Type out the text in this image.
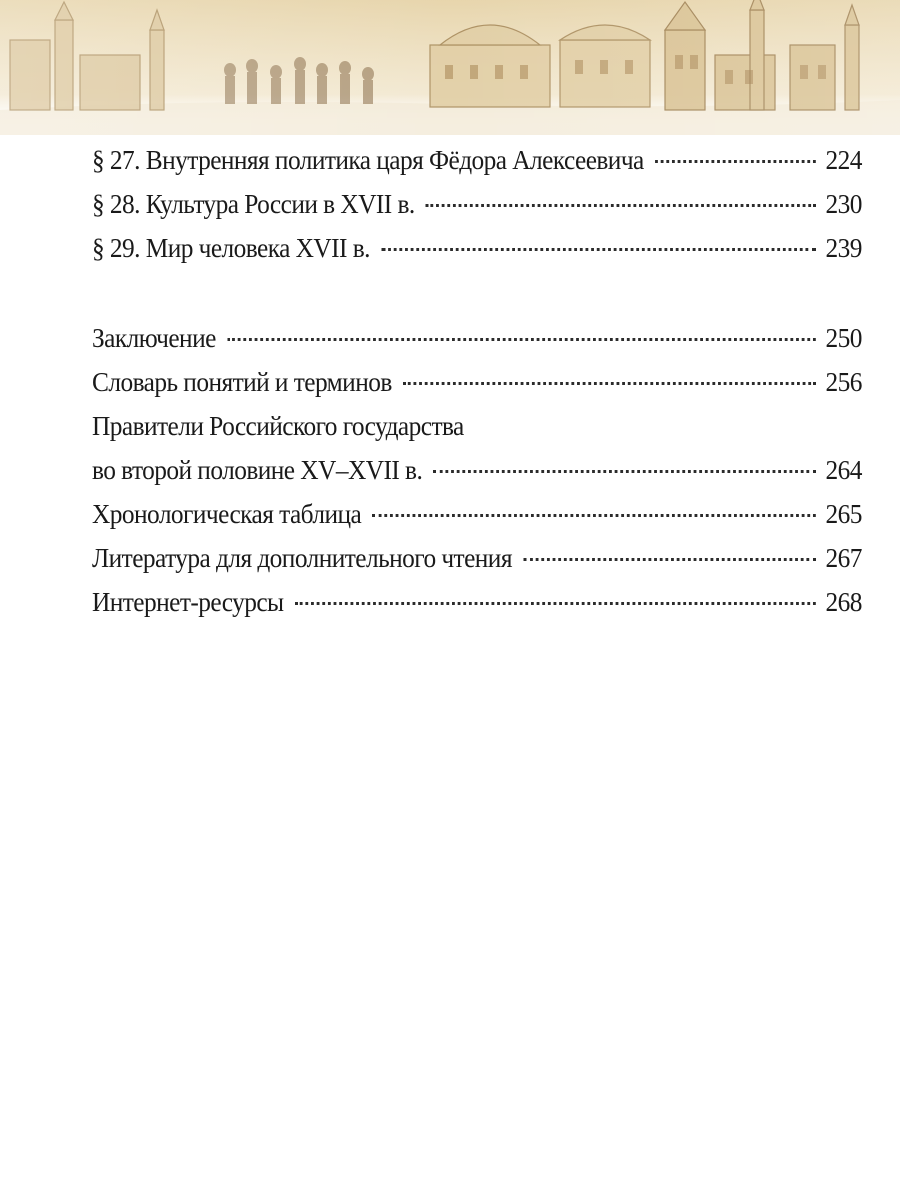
§ 27. Внутренняя политика царя Фёдора Алексеевича	224
§ 28. Культура России в XVII в.	230
§ 29. Мир человека XVII в.	239
Заключение	250
Словарь понятий и терминов	256
Правители Российского государства
во второй половине XV–XVII в.	264
Хронологическая таблица	265
Литература для дополнительного чтения	267
Интернет-ресурсы	268
